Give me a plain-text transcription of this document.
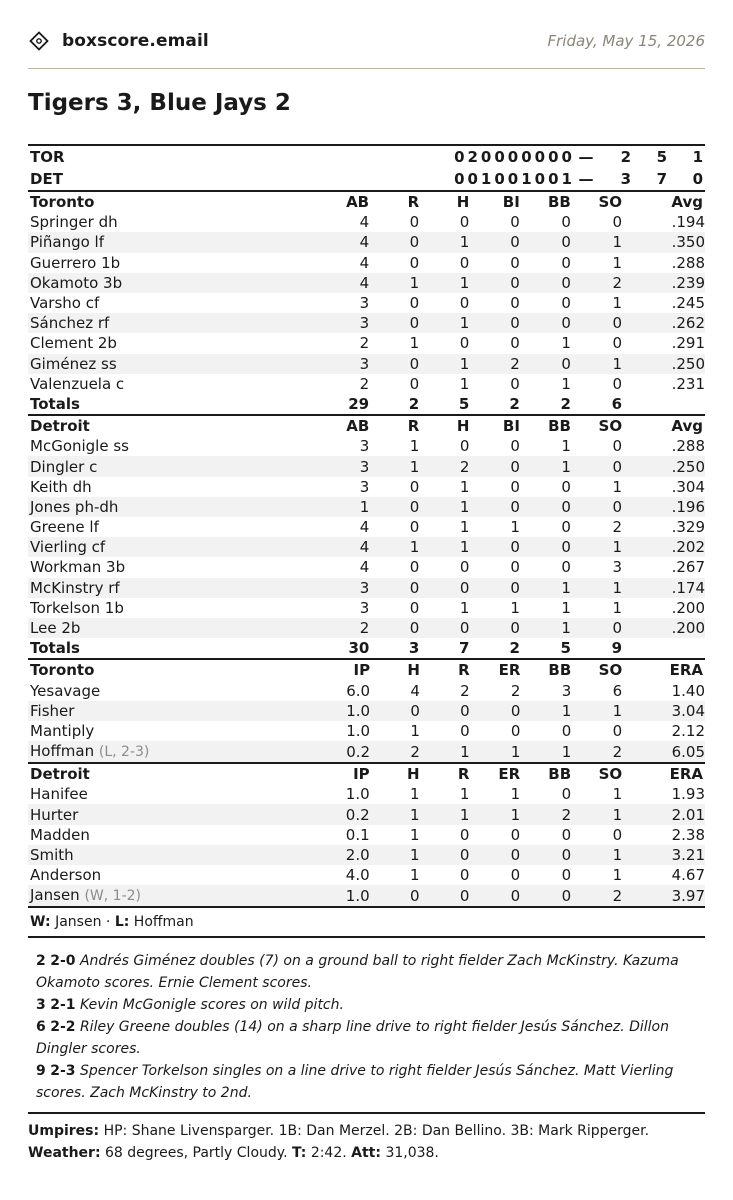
boxscore.email	Friday, May 15, 2026
Tigers 3, Blue Jays 2
TOR	020000000	—	2	5	1
DET	001001001	—	3	7	0
Toronto	AB	R	H	BI	BB	SO	Avg
Springer dh	4	0	0	0	0	0	.194
Piñango lf	4	0	1	0	0	1	.350
Guerrero 1b	4	0	0	0	0	1	.288
Okamoto 3b	4	1	1	0	0	2	.239
Varsho cf	3	0	0	0	0	1	.245
Sánchez rf	3	0	1	0	0	0	.262
Clement 2b	2	1	0	0	1	0	.291
Giménez ss	3	0	1	2	0	1	.250
Valenzuela c	2	0	1	0	1	0	.231
Totals	29	2	5	2	2	6	
Detroit	AB	R	H	BI	BB	SO	Avg
McGonigle ss	3	1	0	0	1	0	.288
Dingler c	3	1	2	0	1	0	.250
Keith dh	3	0	1	0	0	1	.304
Jones ph-dh	1	0	1	0	0	0	.196
Greene lf	4	0	1	1	0	2	.329
Vierling cf	4	1	1	0	0	1	.202
Workman 3b	4	0	0	0	0	3	.267
McKinstry rf	3	0	0	0	1	1	.174
Torkelson 1b	3	0	1	1	1	1	.200
Lee 2b	2	0	0	0	1	0	.200
Totals	30	3	7	2	5	9	
Toronto	IP	H	R	ER	BB	SO	ERA
Yesavage	6.0	4	2	2	3	6	1.40
Fisher	1.0	0	0	0	1	1	3.04
Mantiply	1.0	1	0	0	0	0	2.12
Hoffman (L, 2-3)	0.2	2	1	1	1	2	6.05
Detroit	IP	H	R	ER	BB	SO	ERA
Hanifee	1.0	1	1	1	0	1	1.93
Hurter	0.2	1	1	1	2	1	2.01
Madden	0.1	1	0	0	0	0	2.38
Smith	2.0	1	0	0	0	1	3.21
Anderson	4.0	1	0	0	0	1	4.67
Jansen (W, 1-2)	1.0	0	0	0	0	2	3.97
W: Jansen · L: Hoffman
2 2-0 Andrés Giménez doubles (7) on a ground ball to right fielder Zach McKinstry. Kazuma Okamoto scores. Ernie Clement scores.
3 2-1 Kevin McGonigle scores on wild pitch.
6 2-2 Riley Greene doubles (14) on a sharp line drive to right fielder Jesús Sánchez. Dillon Dingler scores.
9 2-3 Spencer Torkelson singles on a line drive to right fielder Jesús Sánchez. Matt Vierling scores. Zach McKinstry to 2nd.
Umpires: HP: Shane Livensparger. 1B: Dan Merzel. 2B: Dan Bellino. 3B: Mark Ripperger.
Weather: 68 degrees, Partly Cloudy. T: 2:42. Att: 31,038.
